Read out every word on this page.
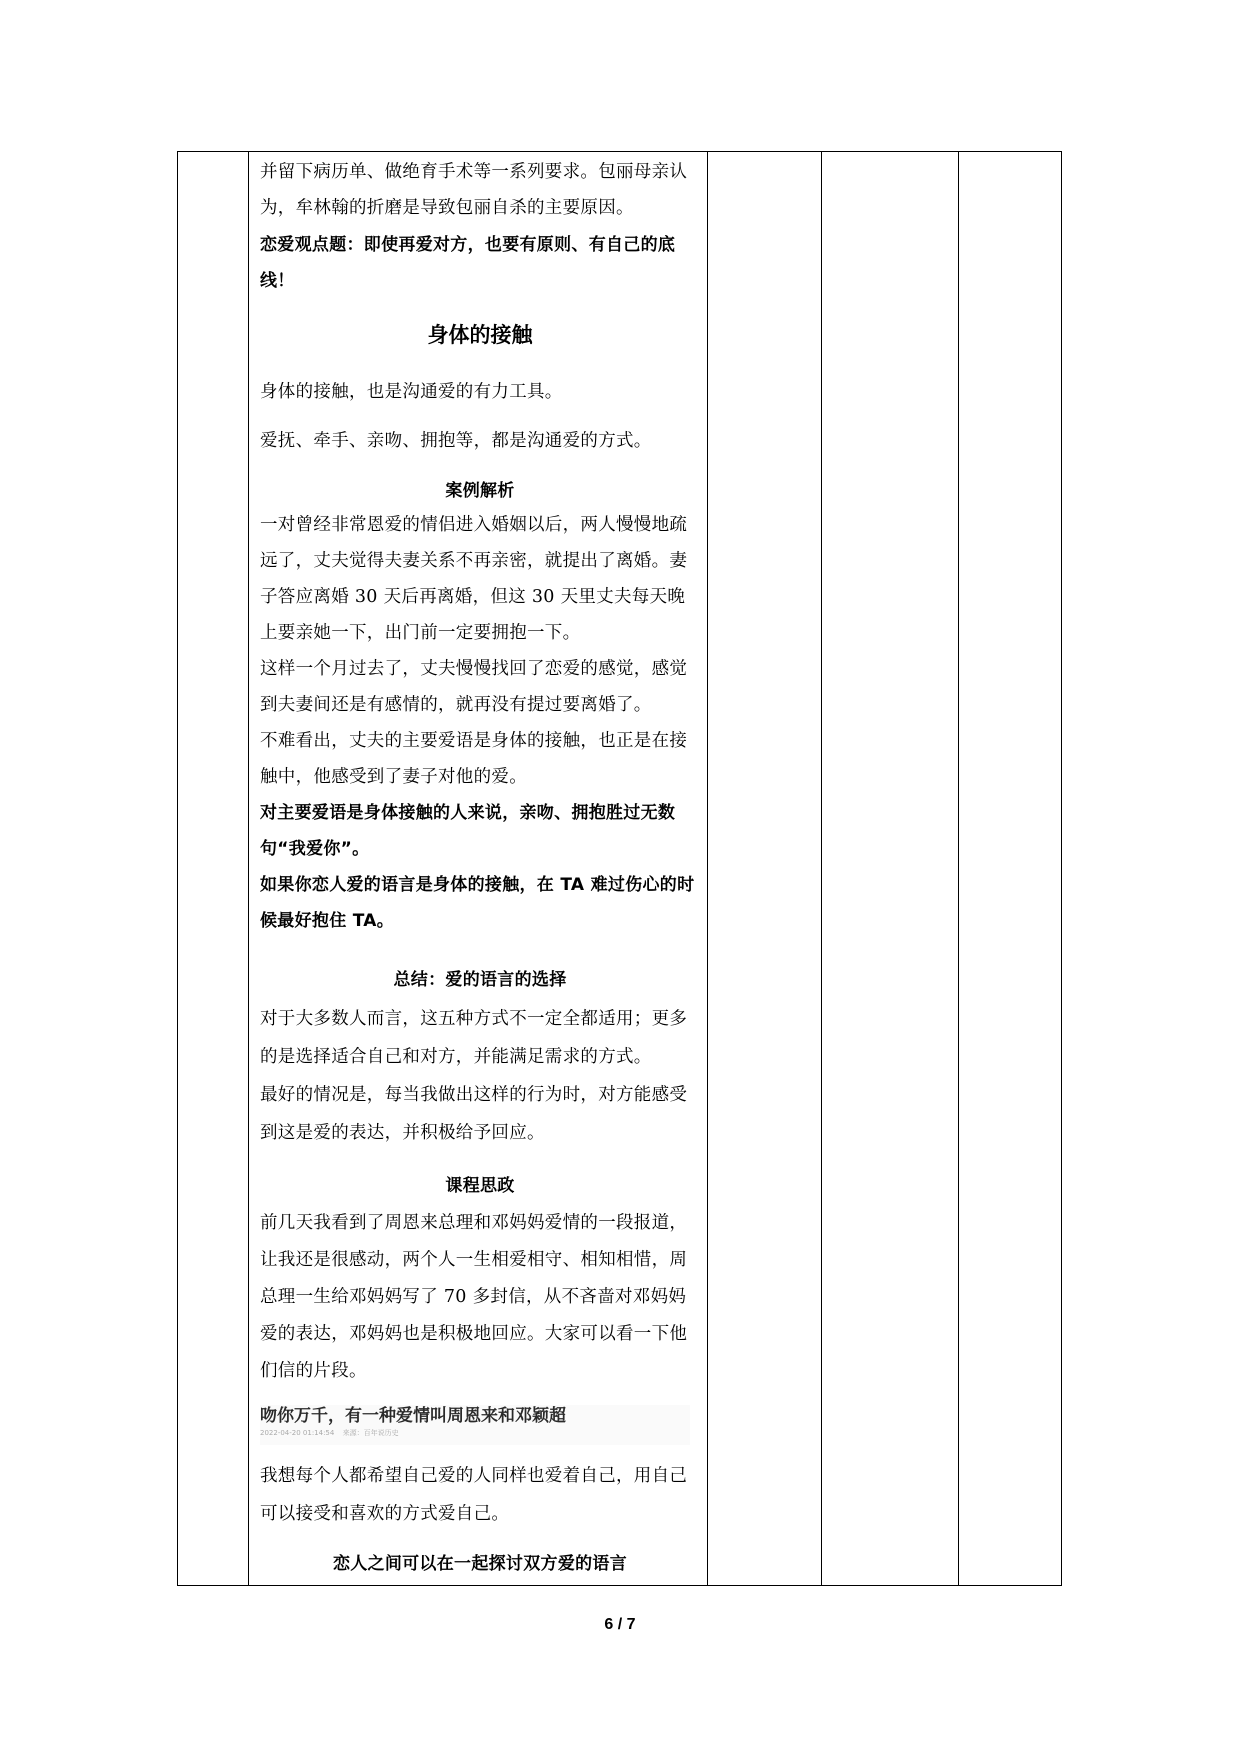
并留下病历单、做绝育手术等一系列要求。包丽母亲认为，牟林翰的折磨是导致包丽自杀的主要原因。

恋爱观点题：即使再爱对方，也要有原则、有自己的底线！

身体的接触

身体的接触，也是沟通爱的有力工具。

爱抚、牵手、亲吻、拥抱等，都是沟通爱的方式。

案例解析

一对曾经非常恩爱的情侣进入婚姻以后，两人慢慢地疏远了，丈夫觉得夫妻关系不再亲密，就提出了离婚。妻子答应离婚 30 天后再离婚，但这 30 天里丈夫每天晚上要亲她一下，出门前一定要拥抱一下。

这样一个月过去了，丈夫慢慢找回了恋爱的感觉，感觉到夫妻间还是有感情的，就再没有提过要离婚了。

不难看出，丈夫的主要爱语是身体的接触，也正是在接触中，他感受到了妻子对他的爱。

对主要爱语是身体接触的人来说，亲吻、拥抱胜过无数句“我爱你”。

如果你恋人爱的语言是身体的接触，在 TA 难过伤心的时候最好抱住 TA。

总结：爱的语言的选择

对于大多数人而言，这五种方式不一定全都适用；更多的是选择适合自己和对方，并能满足需求的方式。

最好的情况是，每当我做出这样的行为时，对方能感受到这是爱的表达，并积极给予回应。

课程思政

前几天我看到了周恩来总理和邓妈妈爱情的一段报道，让我还是很感动，两个人一生相爱相守、相知相惜，周总理一生给邓妈妈写了 70 多封信，从不吝啬对邓妈妈爱的表达，邓妈妈也是积极地回应。大家可以看一下他们信的片段。

吻你万千，有一种爱情叫周恩来和邓颖超
2022-04-20 01:14:54 来源：百年说历史

我想每个人都希望自己爱的人同样也爱着自己，用自己可以接受和喜欢的方式爱自己。

恋人之间可以在一起探讨双方爱的语言
6 / 7
